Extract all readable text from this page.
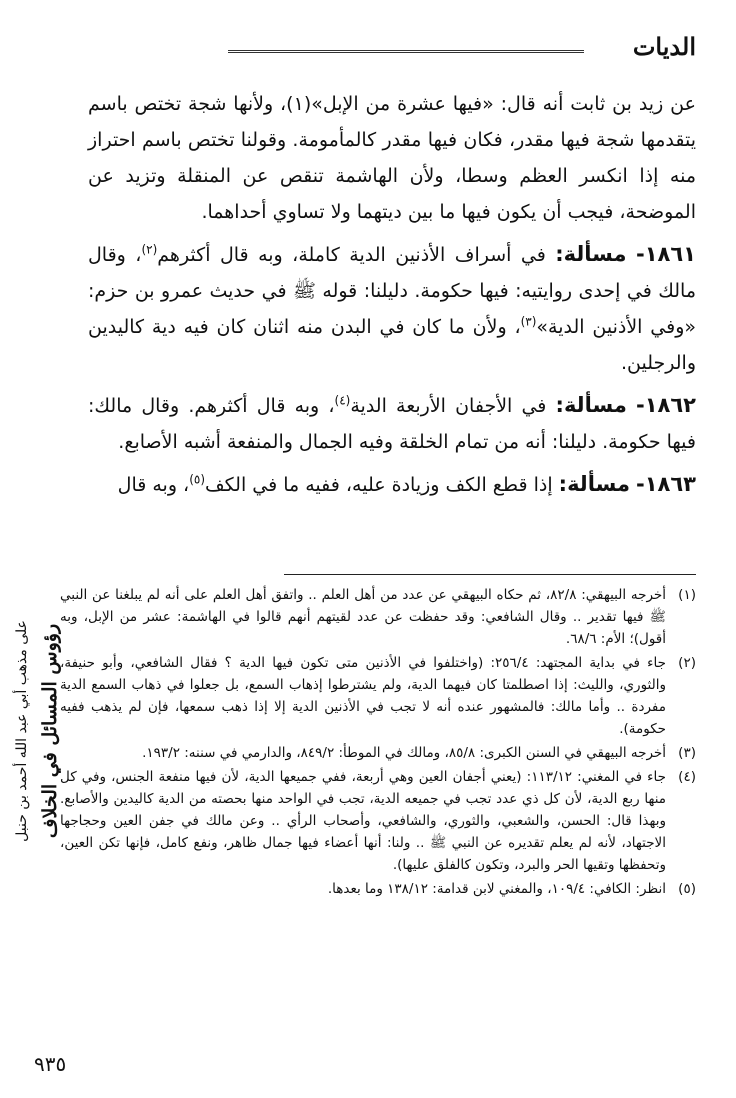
الديات
رؤوس المسائل في الخلاف
على مذهب أبي عبد الله أحمد بن حنبل

عن زيد بن ثابت أنه قال: «فيها عشرة من الإبل»(١)، ولأنها شجة تختص باسم يتقدمها شجة فيها مقدر، فكان فيها مقدر كالمأمومة. وقولنا تختص باسم احتراز منه إذا انكسر العظم وسطا، ولأن الهاشمة تنقص عن المنقلة وتزيد عن الموضحة، فيجب أن يكون فيها ما بين ديتهما ولا تساوي أحداهما.

١٨٦١- مسألة: في أسراف الأذنين الدية كاملة، وبه قال أكثرهم$^{(٢)}$، وقال مالك في إحدى روايتيه: فيها حكومة. دليلنا: قوله ﷺ في حديث عمرو بن حزم: «وفي الأذنين الدية»$^{(٣)}$، ولأن ما كان في البدن منه اثنان كان فيه دية كاليدين والرجلين.

١٨٦٢- مسألة: في الأجفان الأربعة الدية$^{(٤)}$، وبه قال أكثرهم. وقال مالك: فيها حكومة. دليلنا: أنه من تمام الخلقة وفيه الجمال والمنفعة أشبه الأصابع.

١٨٦٣- مسألة: إذا قطع الكف وزيادة عليه، ففيه ما في الكف$^{(٥)}$، وبه قال

(١)
أخرجه البيهقي: ٨٢/٨، ثم حكاه البيهقي عن عدد من أهل العلم .. واتفق أهل العلم على أنه لم يبلغنا عن النبي ﷺ فيها تقدير .. وقال الشافعي: وقد حفظت عن عدد لقيتهم أنهم قالوا في الهاشمة: عشر من الإبل، وبه أقول)؛ الأم: ٦٨/٦.

(٢)
جاء في بداية المجتهد: ٢٥٦/٤: (واختلفوا في الأذنين متى تكون فيها الدية ؟ فقال الشافعي، وأبو حنيفة، والثوري، والليث: إذا اصطلمتا كان فيهما الدية، ولم يشترطوا إذهاب السمع، بل جعلوا في ذهاب السمع الدية مفردة .. وأما مالك: فالمشهور عنده أنه لا تجب في الأذنين الدية إلا إذا ذهب سمعها، فإن لم يذهب ففيه حكومة).

(٣)
أخرجه البيهقي في السنن الكبرى: ٨٥/٨، ومالك في الموطأ: ٨٤٩/٢، والدارمي في سننه: ١٩٣/٢.

(٤)
جاء في المغني: ١١٣/١٢: (يعني أجفان العين وهي أربعة، ففي جميعها الدية، لأن فيها منفعة الجنس، وفي كل منها ربع الدية، لأن كل ذي عدد تجب في جميعه الدية، تجب في الواحد منها بحصته من الدية كاليدين والأصابع. وبهذا قال: الحسن، والشعبي، والثوري، والشافعي، وأصحاب الرأي .. وعن مالك في جفن العين وحجاجها الاجتهاد، لأنه لم يعلم تقديره عن النبي ﷺ .. ولنا: أنها أعضاء فيها جمال ظاهر، ونفع كامل، فإنها تكن العين، وتحفظها وتقيها الحر والبرد، وتكون كالفلق عليها).

(٥)
انظر: الكافي: ١٠٩/٤، والمغني لابن قدامة: ١٣٨/١٢ وما بعدها.

٩٣٥
